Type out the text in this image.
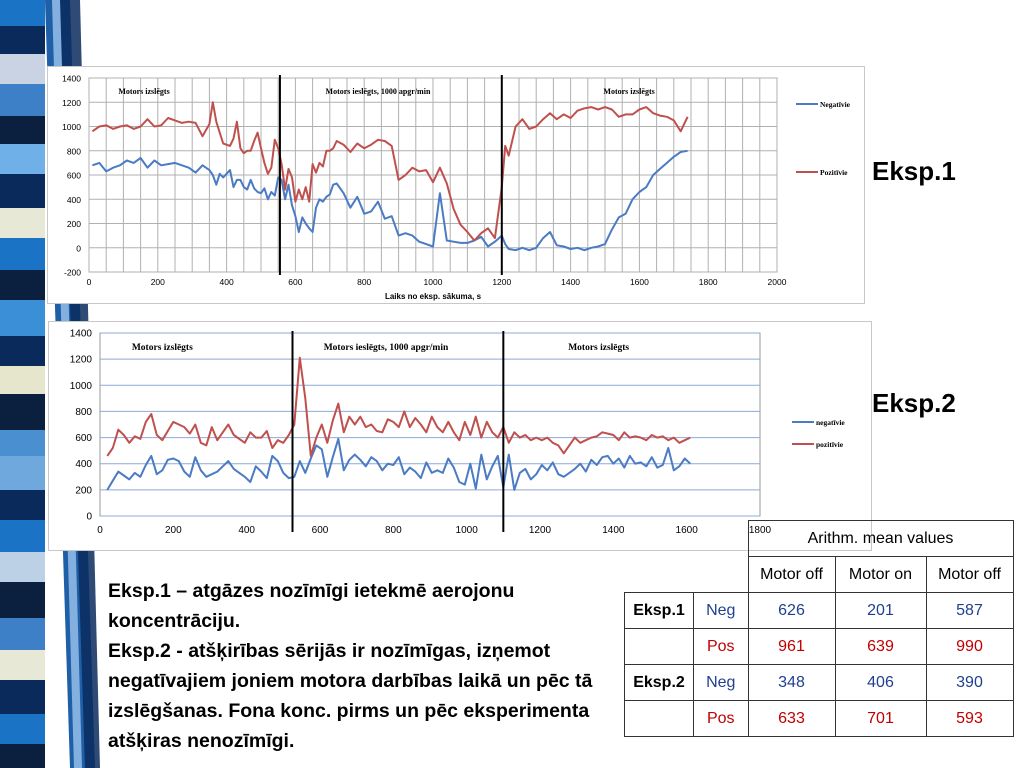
-200
0
200
400
600
800
1000
1200
1400
0	200	400	600	800	1000	1200	1400	1600	1800	2000
Laiks no eksp. sākuma, s
Motors izslēgts	Motors ieslēgts, 1000 apgr/min	Motors izslēgts
Negatīvie
Pozitīvie Eksp.1
0
200
400
600
800
1000
1200
1400
0	200	400	600	800	1000	1200	1400	1600	1800
Motors izslēgts	Motors ieslēgts, 1000 apgr/min	Motors izslēgts
negatīvie
pozitīvie
Eksp.2

Eksp.1 – atgāzes nozīmīgi ietekmē aerojonu koncentrāciju.

Eksp.2 - atšķirības sērijās ir nozīmīgas, izņemot negatīvajiem joniem motora darbības laikā un pēc tā izslēgšanas. Fona konc. pirms un pēc eksperimenta atšķiras nenozīmīgi.

		Arithm. mean values		
		Motor off	Motor on	Motor off
Eksp.1	Neg	626	201	587
	Pos	961	639	990
Eksp.2	Neg	348	406	390
	Pos	633	701	593
